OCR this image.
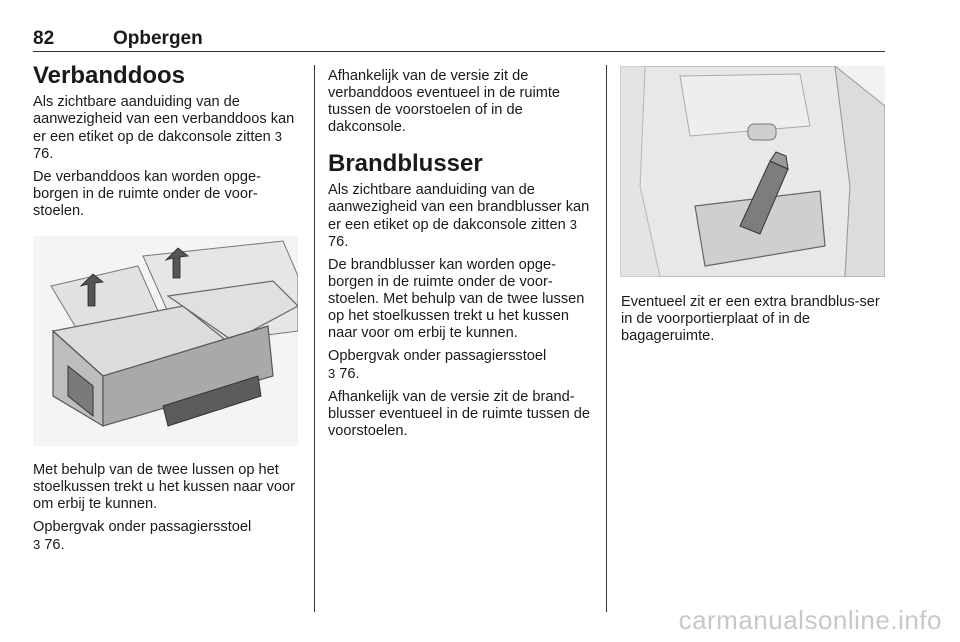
82	Opbergen
Verbanddoos

Als zichtbare aanduiding van de aanwezigheid van een verbanddoos kan er een etiket op de dakconsole zitten 3 76.

De verbanddoos kan worden opge-borgen in de ruimte onder de voor-stoelen.

Met behulp van de twee lussen op het stoelkussen trekt u het kussen naar voor om erbij te kunnen.

Opbergvak onder passagiersstoel
3 76.

Afhankelijk van de versie zit de verbanddoos eventueel in de ruimte tussen de voorstoelen of in de dakconsole.

Brandblusser

Als zichtbare aanduiding van de aanwezigheid van een brandblusser kan er een etiket op de dakconsole zitten 3 76.

De brandblusser kan worden opge-borgen in de ruimte onder de voor-stoelen. Met behulp van de twee lussen op het stoelkussen trekt u het kussen naar voor om erbij te kunnen.

Opbergvak onder passagiersstoel
3 76.

Afhankelijk van de versie zit de brand-blusser eventueel in de ruimte tussen de voorstoelen.

Eventueel zit er een extra brandblus-ser in de voorportierplaat of in de bagageruimte.

carmanualsonline.info
